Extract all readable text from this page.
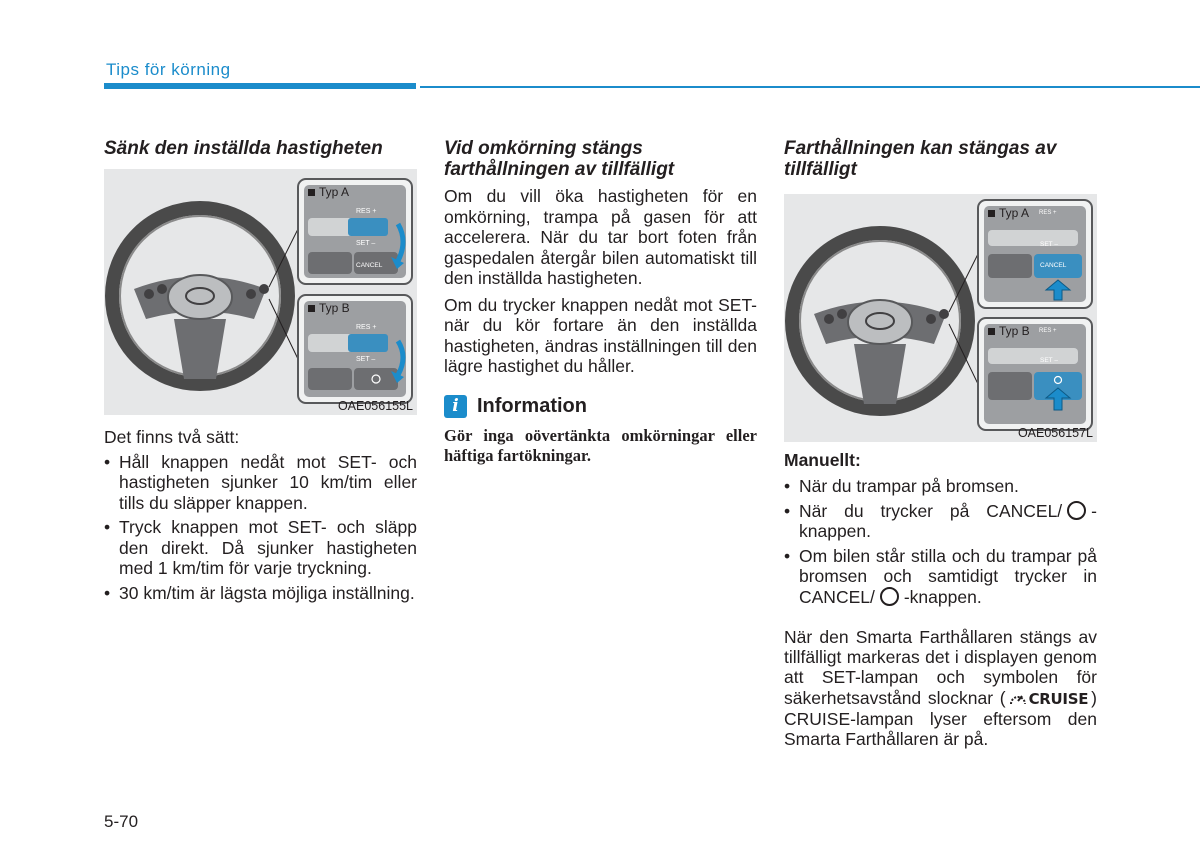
Tips för körning
Sänk den inställda hastigheten
Typ A
RES +
SET –
CANCEL
Typ B
RES +
SET –
OAE056155L

Det finns två sätt:

• Håll knappen nedåt mot SET- och hastigheten sjunker 10 km/tim eller tills du släpper knappen.
• Tryck knappen mot SET- och släpp den direkt. Då sjunker hastigheten med 1 km/tim för varje tryckning.
• 30 km/tim är lägsta möjliga inställning.
Vid omkörning stängs farthållningen av tillfälligt

Om du vill öka hastigheten för en omkörning, trampa på gasen för att accelerera. När du tar bort foten från gaspedalen återgår bilen automatiskt till den inställda hastigheten.

Om du trycker knappen nedåt mot SET- när du kör fortare än den inställda hastigheten, ändras inställningen till den lägre hastighet du håller.

i Information

Gör inga oövertänkta omkörningar eller häftiga fartökningar.

Farthållningen kan stängas av tillfälligt
Typ A RES +
SET –
CANCEL
Typ B RES +
SET –
OAE056157L

Manuellt:

• När du trampar på bromsen.
• När du trycker på CANCEL/ -knappen.
• Om bilen står stilla och du trampar på bromsen och samtidigt trycker in CANCEL/ -knappen.

När den Smarta Farthållaren stängs av tillfälligt markeras det i displayen genom att SET-lampan och symbolen för säkerhetsavstånd slocknar ( CRUISE ) CRUISE-lampan lyser eftersom den Smarta Farthållaren är på.

5-70
